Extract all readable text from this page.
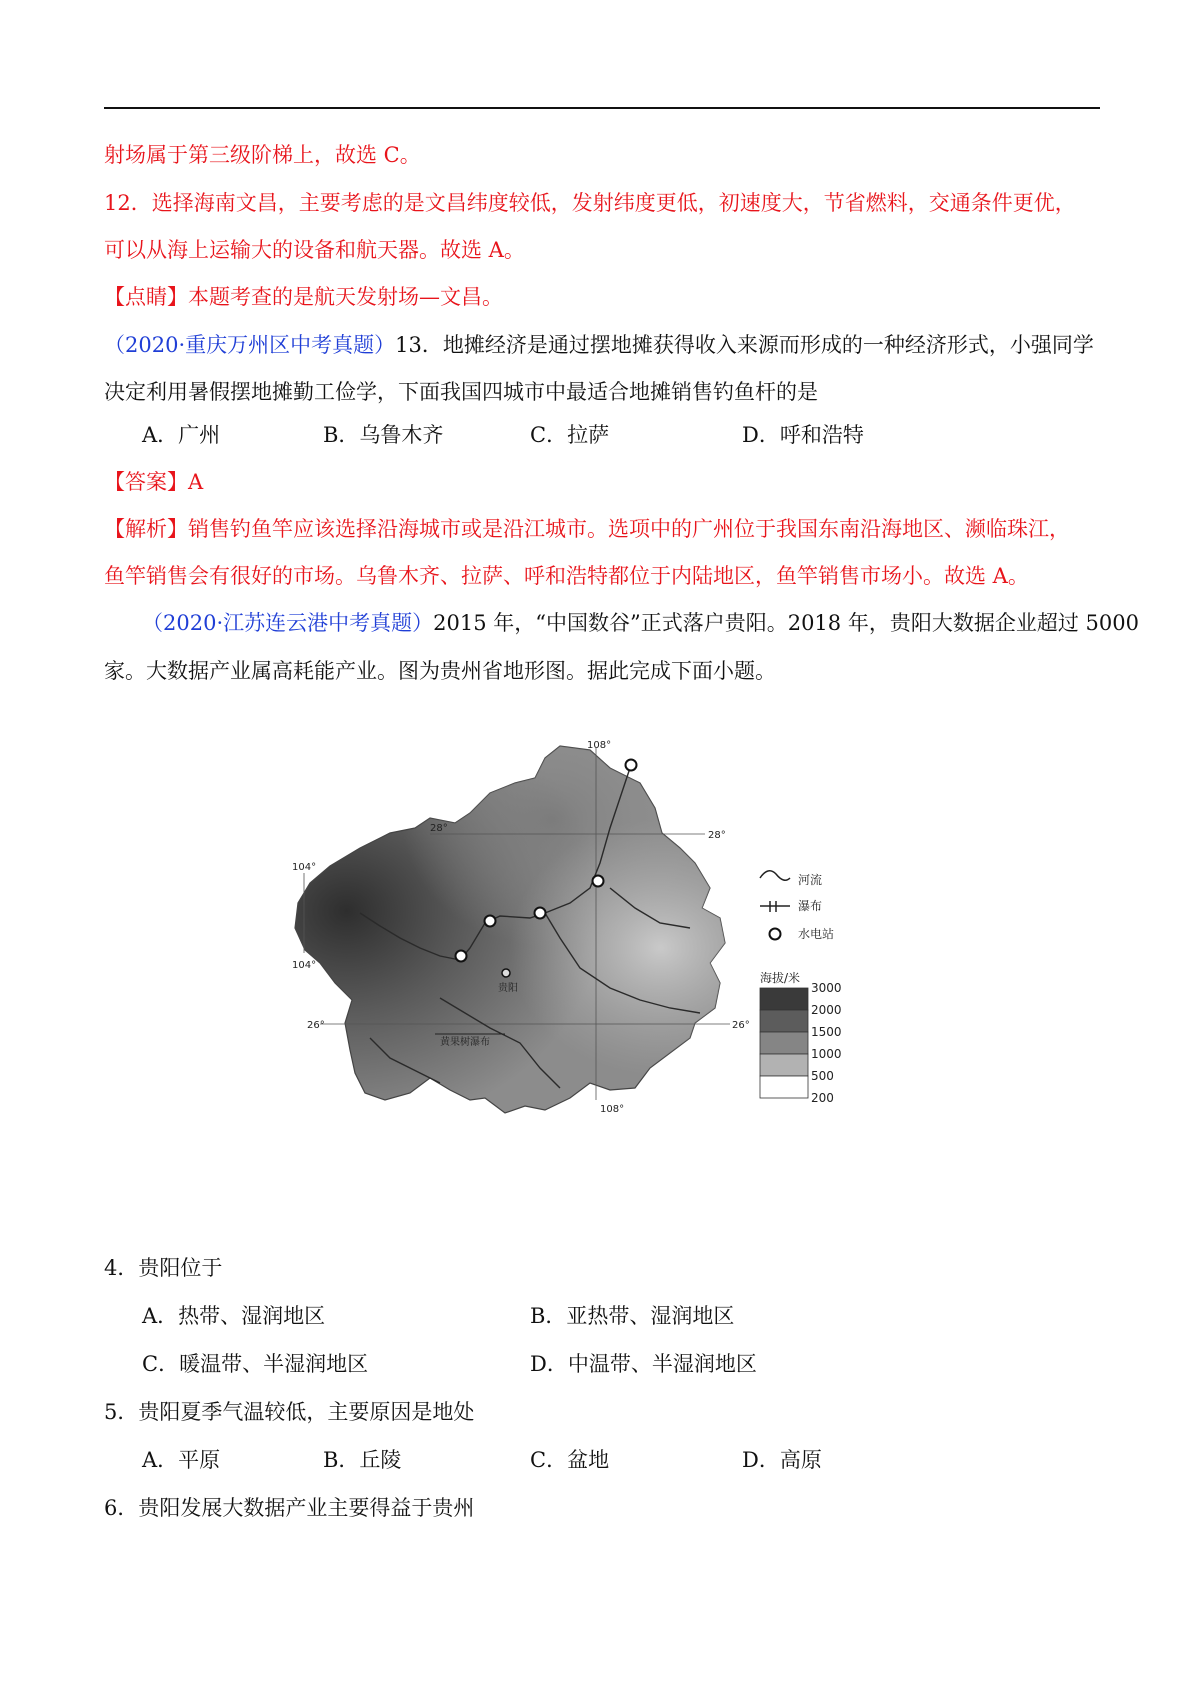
射场属于第三级阶梯上，故选 C。
12．选择海南文昌，主要考虑的是文昌纬度较低，发射纬度更低，初速度大，节省燃料，交通条件更优，
可以从海上运输大的设备和航天器。故选 A。
【点睛】本题考查的是航天发射场—文昌。
（2020·重庆万州区中考真题）13．地摊经济是通过摆地摊获得收入来源而形成的一种经济形式，小强同学
决定利用暑假摆地摊勤工俭学，下面我国四城市中最适合地摊销售钓鱼杆的是
A．广州	B．乌鲁木齐	C．拉萨	D．呼和浩特
【答案】A
【解析】销售钓鱼竿应该选择沿海城市或是沿江城市。选项中的广州位于我国东南沿海地区、濒临珠江，
鱼竿销售会有很好的市场。乌鲁木齐、拉萨、呼和浩特都位于内陆地区，鱼竿销售市场小。故选 A。
（2020·江苏连云港中考真题）2015 年，“中国数谷”正式落户贵阳。2018 年，贵阳大数据企业超过 5000
家。大数据产业属高耗能产业。图为贵州省地形图。据此完成下面小题。
贵阳
黄果树瀑布
108°
104°
104°
108°
28°
28°
26°	26°
河流
瀑布
水电站
海拔/米
3000
2000
1500
1000
500
200
4．贵阳位于
A．热带、湿润地区	B．亚热带、湿润地区
C．暖温带、半湿润地区	D．中温带、半湿润地区
5．贵阳夏季气温较低，主要原因是地处
A．平原	B．丘陵	C．盆地	D．高原
6．贵阳发展大数据产业主要得益于贵州
